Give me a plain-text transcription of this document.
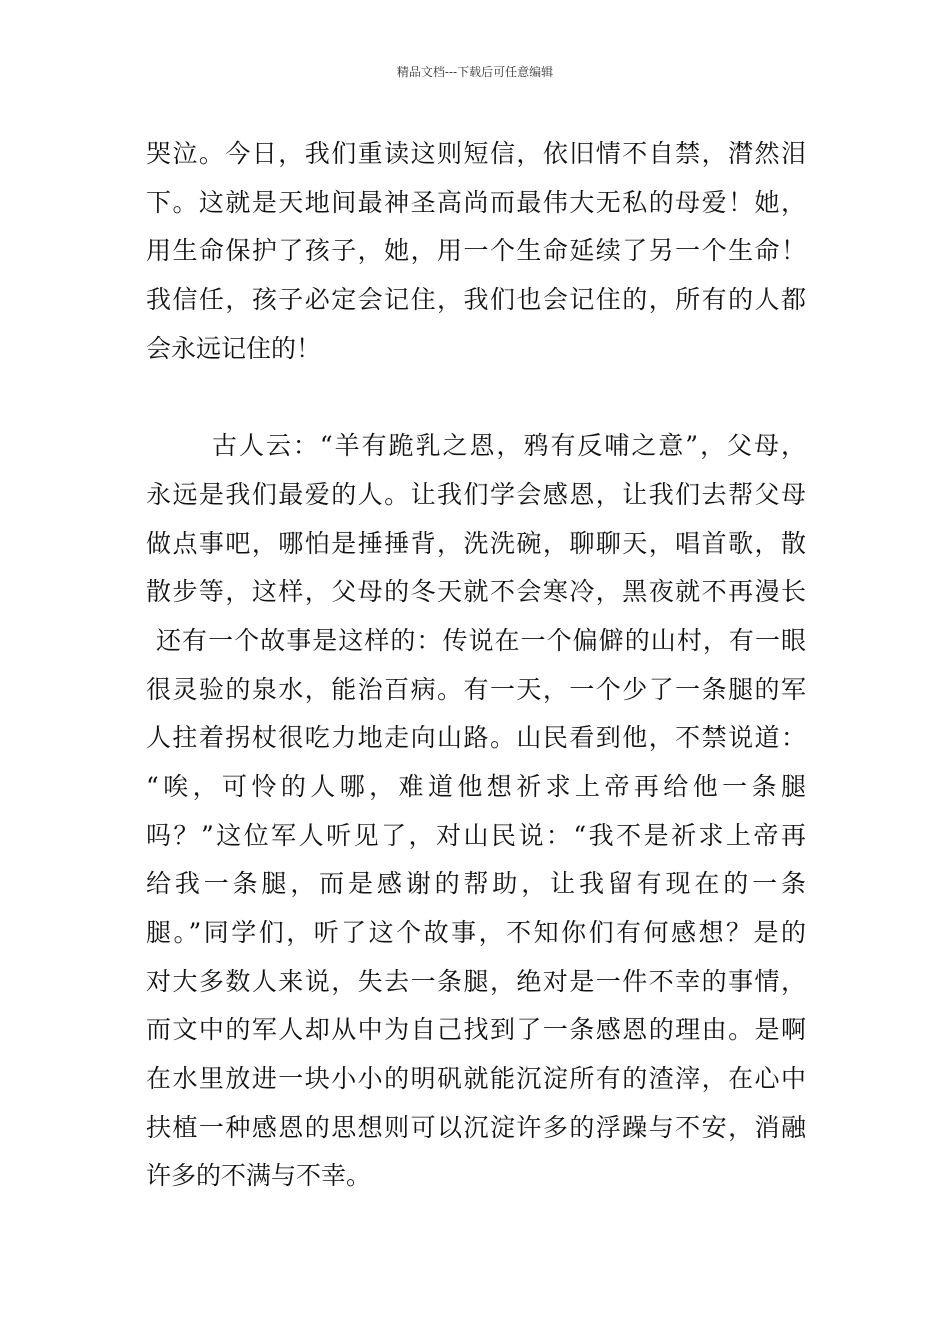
精品文档---下载后可任意编辑
哭泣。今日，我们重读这则短信，依旧情不自禁，潸然泪
下。这就是天地间最神圣高尚而最伟大无私的母爱！她，
用生命保护了孩子，她，用一个生命延续了另一个生命！
我信任，孩子必定会记住，我们也会记住的，所有的人都
会永远记住的！
古人云：“羊有跪乳之恩，鸦有反哺之意”，父母，
永远是我们最爱的人。让我们学会感恩，让我们去帮父母
做点事吧，哪怕是捶捶背，洗洗碗，聊聊天，唱首歌，散
散步等，这样，父母的冬天就不会寒冷，黑夜就不再漫长
还有一个故事是这样的：传说在一个偏僻的山村，有一眼
很灵验的泉水，能治百病。有一天，一个少了一条腿的军
人拄着拐杖很吃力地走向山路。山民看到他，不禁说道：
“唉，可怜的人哪，难道他想祈求上帝再给他一条腿
吗？”这位军人听见了，对山民说：“我不是祈求上帝再
给我一条腿，而是感谢的帮助，让我留有现在的一条
腿。”同学们，听了这个故事，不知你们有何感想？是的
对大多数人来说，失去一条腿，绝对是一件不幸的事情，
而文中的军人却从中为自己找到了一条感恩的理由。是啊
在水里放进一块小小的明矾就能沉淀所有的渣滓，在心中
扶植一种感恩的思想则可以沉淀许多的浮躁与不安，消融
许多的不满与不幸。
